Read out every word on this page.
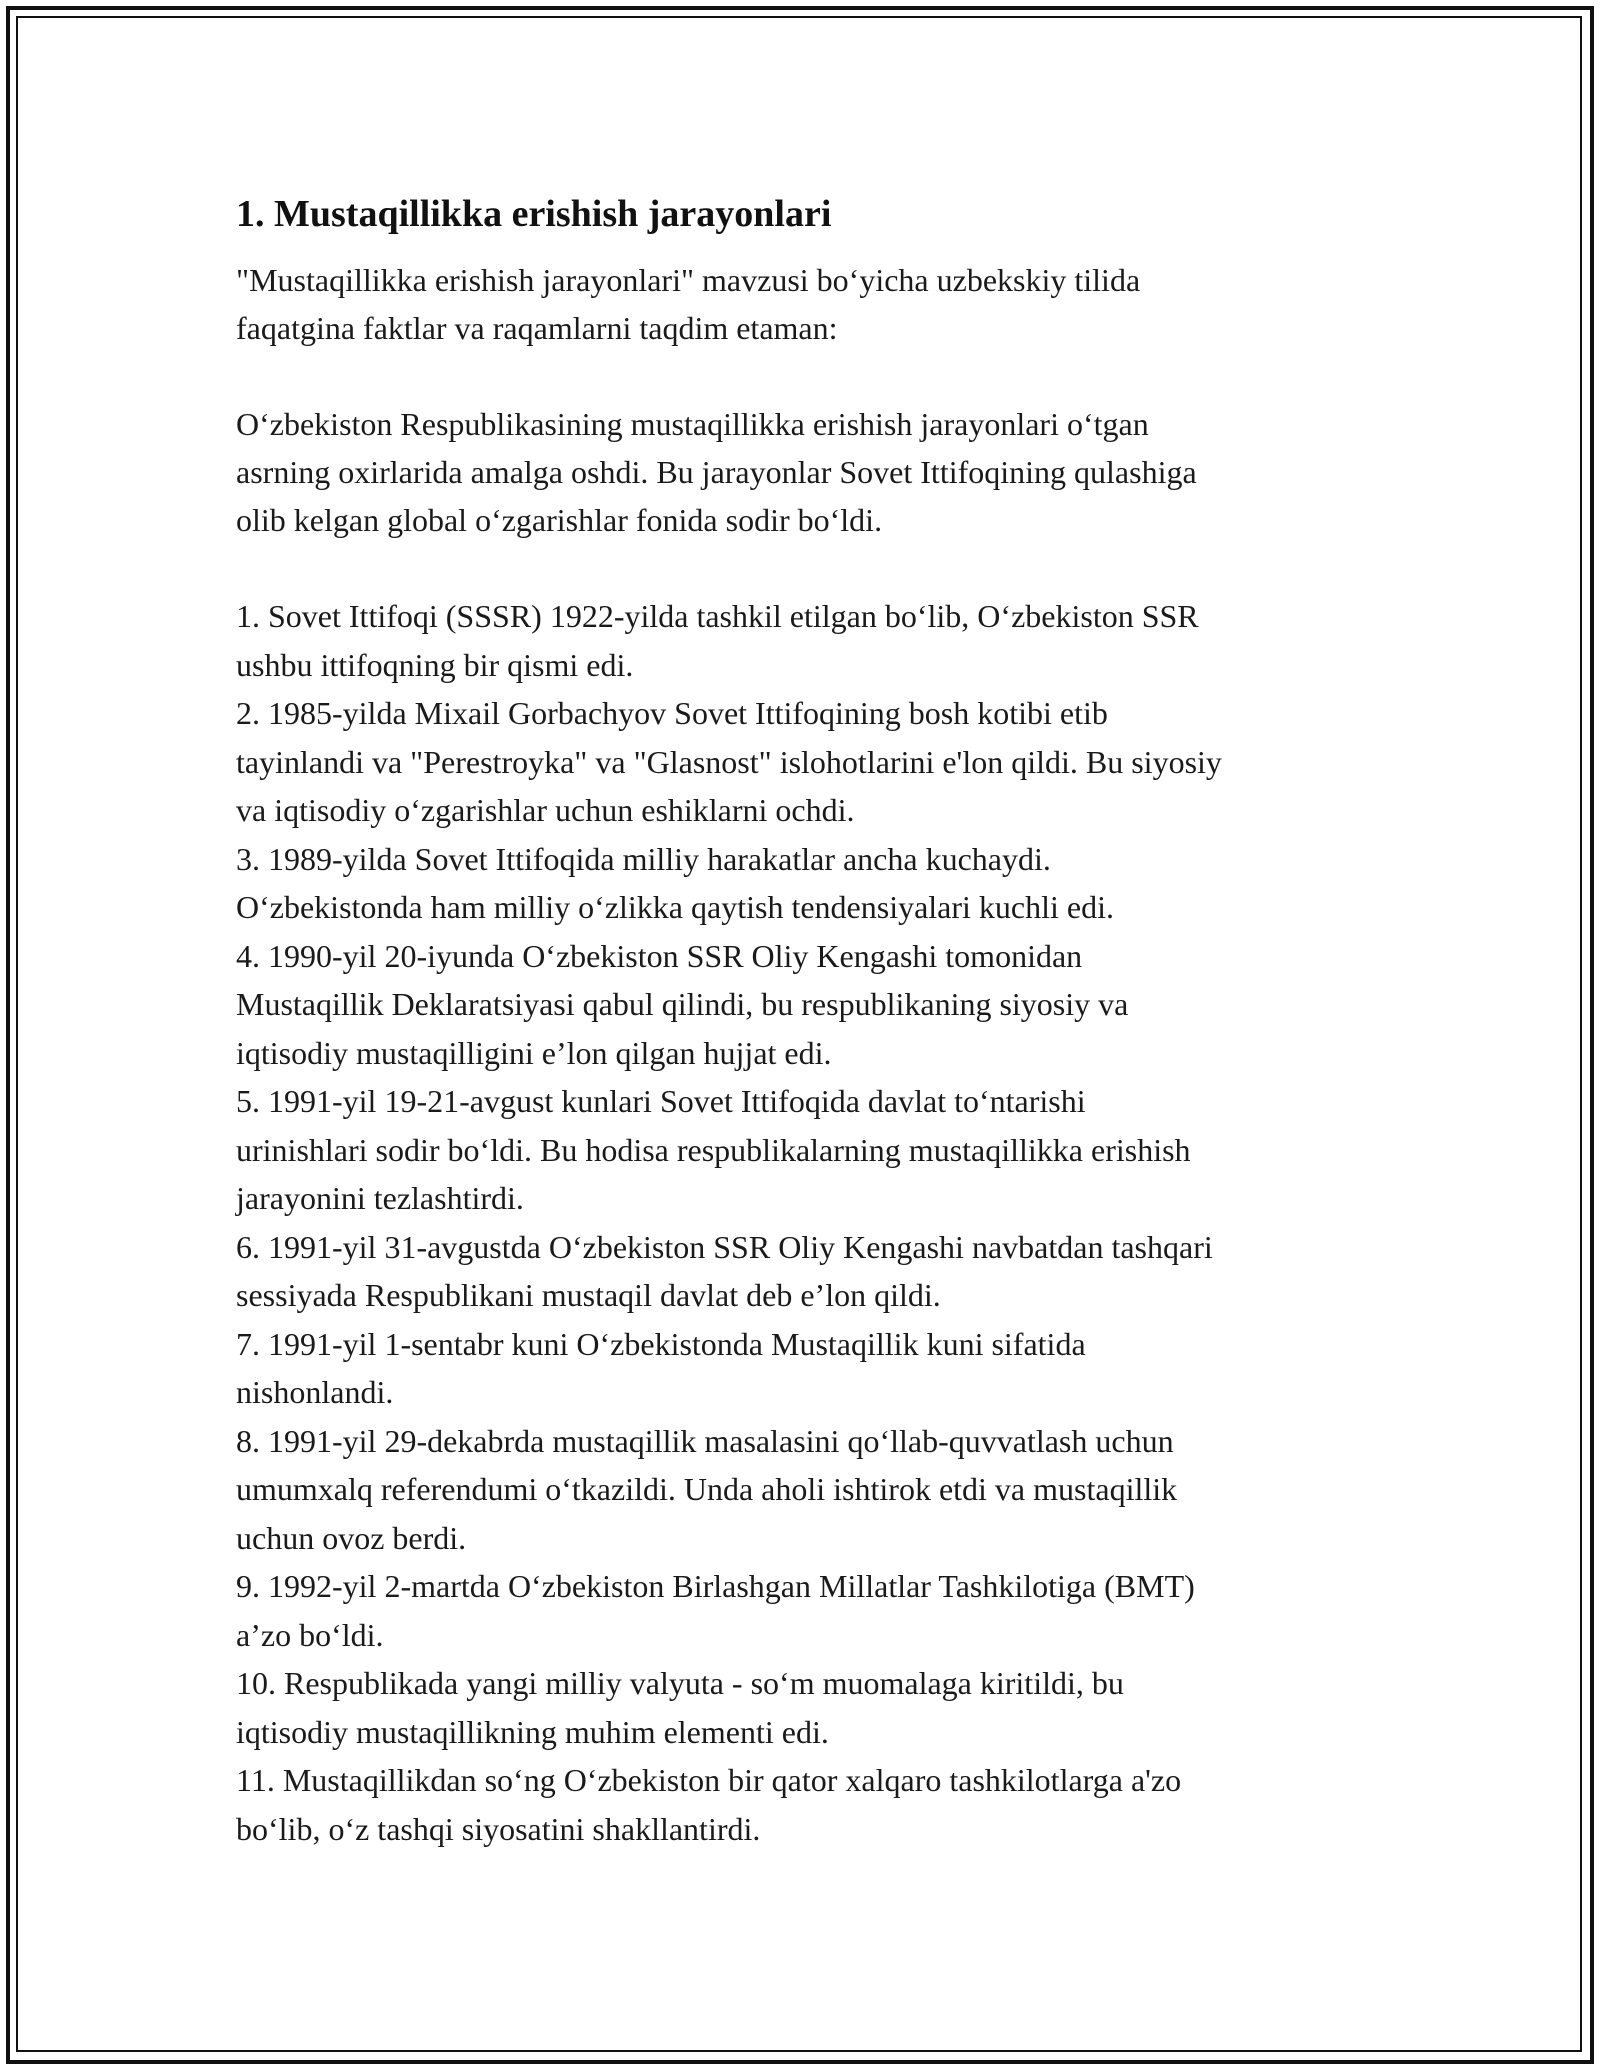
1. Mustaqillikka erishish jarayonlari

"Mustaqillikka erishish jarayonlari" mavzusi bo‘yicha uzbekskiy tilida
faqatgina faktlar va raqamlarni taqdim etaman:

O‘zbekiston Respublikasining mustaqillikka erishish jarayonlari o‘tgan
asrning oxirlarida amalga oshdi. Bu jarayonlar Sovet Ittifoqining qulashiga
olib kelgan global o‘zgarishlar fonida sodir bo‘ldi.

1. Sovet Ittifoqi (SSSR) 1922-yilda tashkil etilgan bo‘lib, O‘zbekiston SSR
ushbu ittifoqning bir qismi edi.
2. 1985-yilda Mixail Gorbachyov Sovet Ittifoqining bosh kotibi etib
tayinlandi va "Perestroyka" va "Glasnost" islohotlarini e'lon qildi. Bu siyosiy
va iqtisodiy o‘zgarishlar uchun eshiklarni ochdi.
3. 1989-yilda Sovet Ittifoqida milliy harakatlar ancha kuchaydi.
O‘zbekistonda ham milliy o‘zlikka qaytish tendensiyalari kuchli edi.
4. 1990-yil 20-iyunda O‘zbekiston SSR Oliy Kengashi tomonidan
Mustaqillik Deklaratsiyasi qabul qilindi, bu respublikaning siyosiy va
iqtisodiy mustaqilligini e’lon qilgan hujjat edi.
5. 1991-yil 19-21-avgust kunlari Sovet Ittifoqida davlat to‘ntarishi
urinishlari sodir bo‘ldi. Bu hodisa respublikalarning mustaqillikka erishish
jarayonini tezlashtirdi.
6. 1991-yil 31-avgustda O‘zbekiston SSR Oliy Kengashi navbatdan tashqari
sessiyada Respublikani mustaqil davlat deb e’lon qildi.
7. 1991-yil 1-sentabr kuni O‘zbekistonda Mustaqillik kuni sifatida
nishonlandi.
8. 1991-yil 29-dekabrda mustaqillik masalasini qo‘llab-quvvatlash uchun
umumxalq referendumi o‘tkazildi. Unda aholi ishtirok etdi va mustaqillik
uchun ovoz berdi.
9. 1992-yil 2-martda O‘zbekiston Birlashgan Millatlar Tashkilotiga (BMT)
a’zo bo‘ldi.
10. Respublikada yangi milliy valyuta - so‘m muomalaga kiritildi, bu
iqtisodiy mustaqillikning muhim elementi edi.
11. Mustaqillikdan so‘ng O‘zbekiston bir qator xalqaro tashkilotlarga a'zo
bo‘lib, o‘z tashqi siyosatini shakllantirdi.
